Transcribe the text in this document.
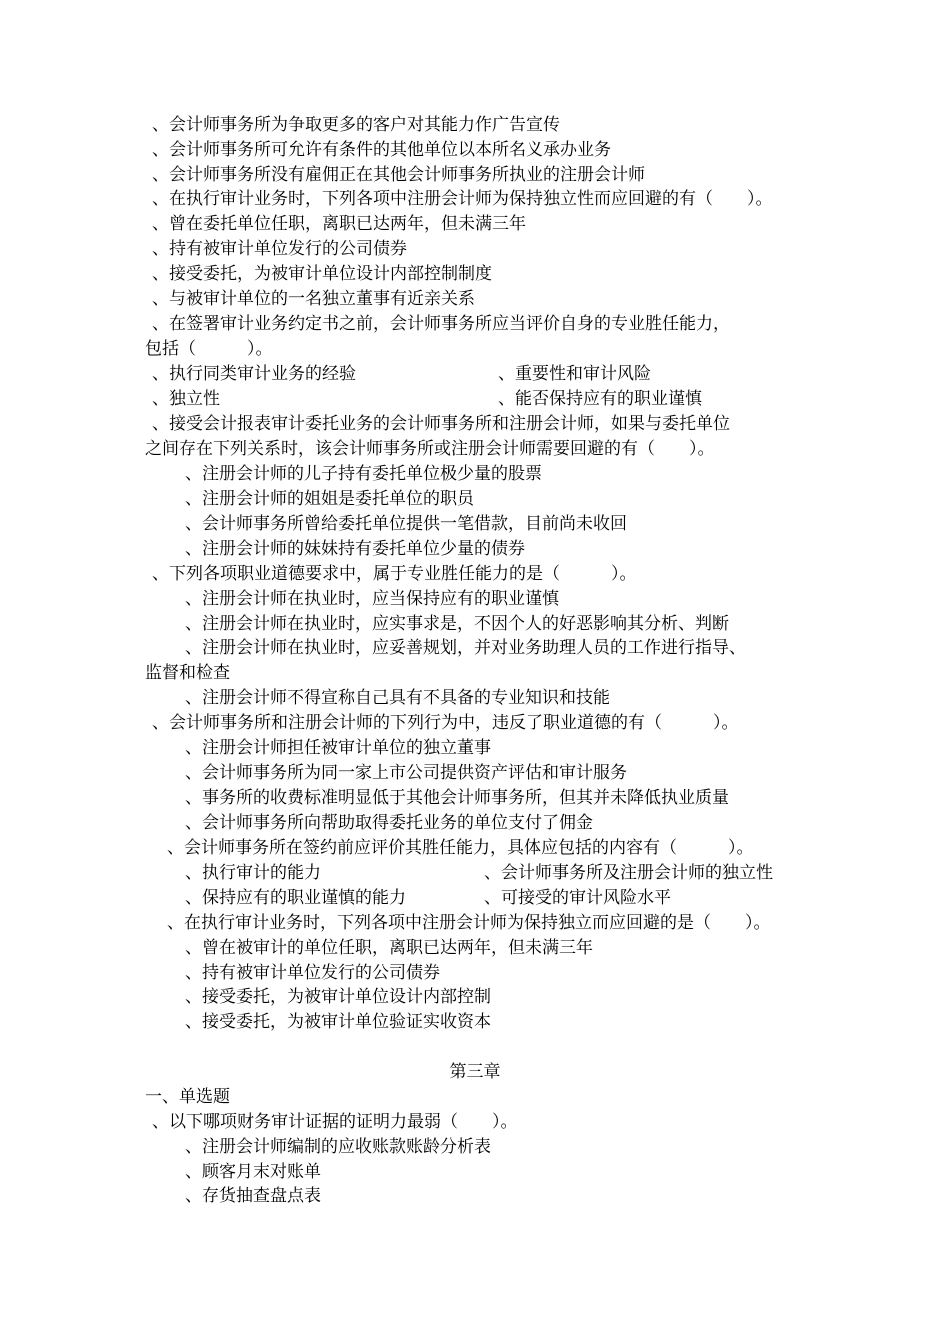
、会计师事务所为争取更多的客户对其能力作广告宣传
、会计师事务所可允许有条件的其他单位以本所名义承办业务
、会计师事务所没有雇佣正在其他会计师事务所执业的注册会计师
、在执行审计业务时，下列各项中注册会计师为保持独立性而应回避的有（　　）。
、曾在委托单位任职，离职已达两年，但未满三年
、持有被审计单位发行的公司债券
、接受委托，为被审计单位设计内部控制制度
、与被审计单位的一名独立董事有近亲关系
、在签署审计业务约定书之前，会计师事务所应当评价自身的专业胜任能力，
包括（　　　）。
、执行同类审计业务的经验	、重要性和审计风险
、独立性	、能否保持应有的职业谨慎
、接受会计报表审计委托业务的会计师事务所和注册会计师，如果与委托单位
之间存在下列关系时，该会计师事务所或注册会计师需要回避的有（　　）。
、注册会计师的儿子持有委托单位极少量的股票
、注册会计师的姐姐是委托单位的职员
、会计师事务所曾给委托单位提供一笔借款，目前尚未收回
、注册会计师的妹妹持有委托单位少量的债券
、下列各项职业道德要求中，属于专业胜任能力的是（　　　）。
、注册会计师在执业时，应当保持应有的职业谨慎
、注册会计师在执业时，应实事求是，不因个人的好恶影响其分析、判断
、注册会计师在执业时，应妥善规划，并对业务助理人员的工作进行指导、
监督和检查
、注册会计师不得宣称自己具有不具备的专业知识和技能
、会计师事务所和注册会计师的下列行为中，违反了职业道德的有（　　　）。
、注册会计师担任被审计单位的独立董事
、会计师事务所为同一家上市公司提供资产评估和审计服务
、事务所的收费标准明显低于其他会计师事务所，但其并未降低执业质量
、会计师事务所向帮助取得委托业务的单位支付了佣金
、会计师事务所在签约前应评价其胜任能力，具体应包括的内容有（　　　）。
、执行审计的能力	、会计师事务所及注册会计师的独立性
、保持应有的职业谨慎的能力	、可接受的审计风险水平
、在执行审计业务时，下列各项中注册会计师为保持独立而应回避的是（　　）。
、曾在被审计的单位任职，离职已达两年，但未满三年
、持有被审计单位发行的公司债券
、接受委托，为被审计单位设计内部控制
、接受委托，为被审计单位验证实收资本
第三章
一、单选题
、以下哪项财务审计证据的证明力最弱（　　）。
、注册会计师编制的应收账款账龄分析表
、顾客月末对账单
、存货抽查盘点表
